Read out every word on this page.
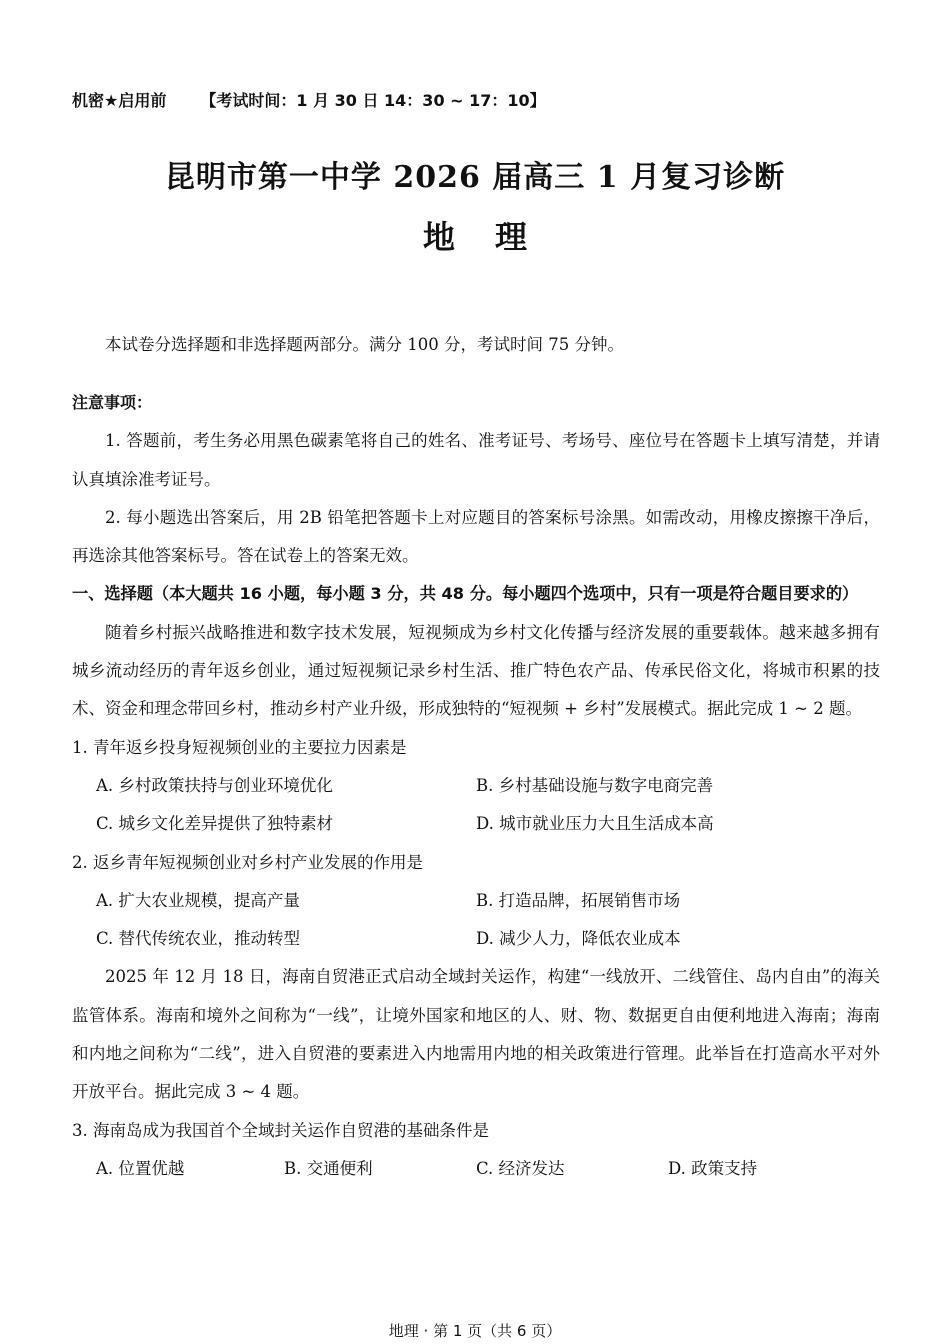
机密★启用前 【考试时间：1 月 30 日 14：30 ~ 17：10】
昆明市第一中学 2026 届高三 1 月复习诊断
地理

本试卷分选择题和非选择题两部分。满分 100 分，考试时间 75 分钟。

注意事项：

1. 答题前，考生务必用黑色碳素笔将自己的姓名、准考证号、考场号、座位号在答题卡上填写清楚，并请认真填涂准考证号。

2. 每小题选出答案后，用 2B 铅笔把答题卡上对应题目的答案标号涂黑。如需改动，用橡皮擦擦干净后，再选涂其他答案标号。答在试卷上的答案无效。

一、选择题（本大题共 16 小题，每小题 3 分，共 48 分。每小题四个选项中，只有一项是符合题目要求的）

随着乡村振兴战略推进和数字技术发展，短视频成为乡村文化传播与经济发展的重要载体。越来越多拥有城乡流动经历的青年返乡创业，通过短视频记录乡村生活、推广特色农产品、传承民俗文化，将城市积累的技术、资金和理念带回乡村，推动乡村产业升级，形成独特的“短视频 + 乡村”发展模式。据此完成 1 ~ 2 题。

1. 青年返乡投身短视频创业的主要拉力因素是

A. 乡村政策扶持与创业环境优化	B. 乡村基础设施与数字电商完善
C. 城乡文化差异提供了独特素材	D. 城市就业压力大且生活成本高

2. 返乡青年短视频创业对乡村产业发展的作用是

A. 扩大农业规模，提高产量	B. 打造品牌，拓展销售市场
C. 替代传统农业，推动转型	D. 减少人力，降低农业成本

2025 年 12 月 18 日，海南自贸港正式启动全域封关运作，构建“一线放开、二线管住、岛内自由”的海关监管体系。海南和境外之间称为“一线”，让境外国家和地区的人、财、物、数据更自由便利地进入海南；海南和内地之间称为“二线”，进入自贸港的要素进入内地需用内地的相关政策进行管理。此举旨在打造高水平对外开放平台。据此完成 3 ~ 4 题。

3. 海南岛成为我国首个全域封关运作自贸港的基础条件是

A. 位置优越	B. 交通便利	C. 经济发达	D. 政策支持
地理 · 第 1 页（共 6 页）
